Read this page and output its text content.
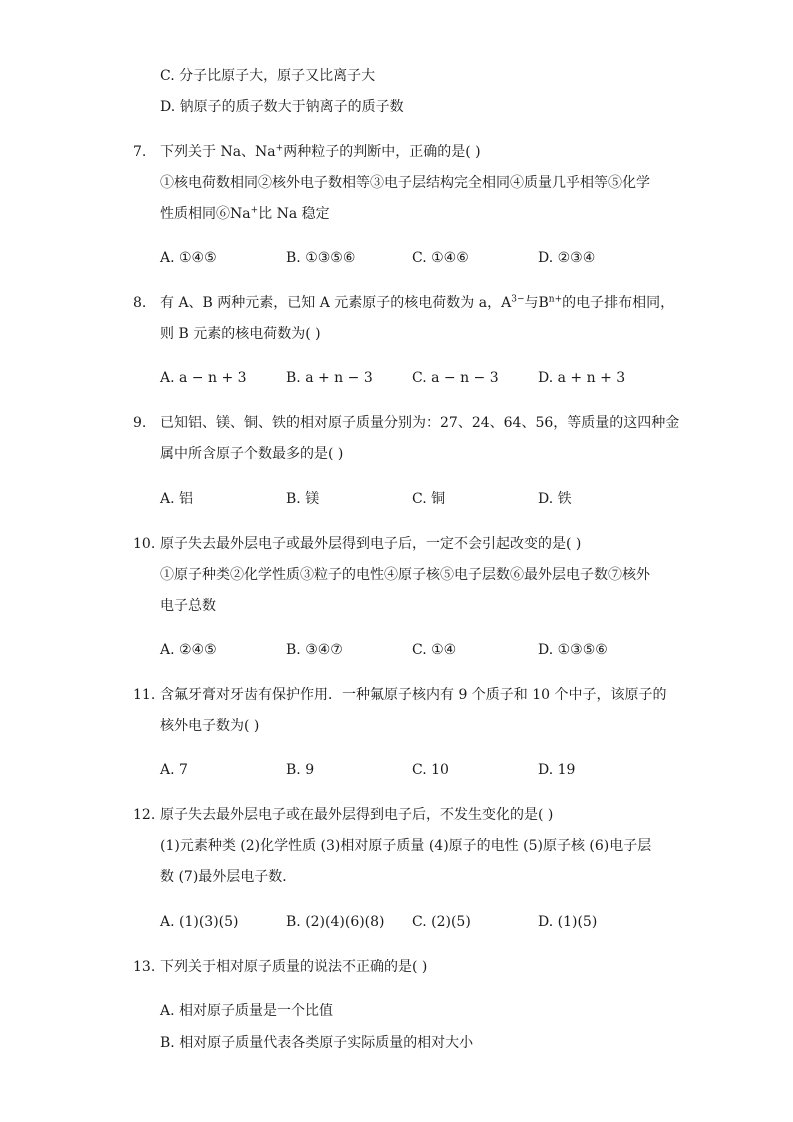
C. 分子比原子大，原子又比离子大
D. 钠原子的质子数大于钠离子的质子数
7. 下列关于 Na、Na+两种粒子的判断中，正确的是( )
①核电荷数相同②核外电子数相等③电子层结构完全相同④质量几乎相等⑤化学
性质相同⑥Na+比 Na 稳定
A. ①④⑤	B. ①③⑤⑥	C. ①④⑥	D. ②③④
8. 有 A、B 两种元素，已知 A 元素原子的核电荷数为 a，$A^{3-}$与$B^{n+}$的电子排布相同，
则 B 元素的核电荷数为( )
A. a − n + 3	B. a + n − 3	C. a − n − 3	D. a + n + 3
9. 已知铝、镁、铜、铁的相对原子质量分别为：27、24、64、56，等质量的这四种金
属中所含原子个数最多的是( )
A. 铝	B. 镁	C. 铜	D. 铁
10. 原子失去最外层电子或最外层得到电子后，一定不会引起改变的是( )
①原子种类②化学性质③粒子的电性④原子核⑤电子层数⑥最外层电子数⑦核外
电子总数
A. ②④⑤	B. ③④⑦	C. ①④	D. ①③⑤⑥
11. 含氟牙膏对牙齿有保护作用．一种氟原子核内有 9 个质子和 10 个中子，该原子的
核外电子数为( )
A. 7	B. 9	C. 10	D. 19
12. 原子失去最外层电子或在最外层得到电子后，不发生变化的是( )
(1)元素种类 (2)化学性质 (3)相对原子质量 (4)原子的电性 (5)原子核 (6)电子层
数 (7)最外层电子数．
A. (1)(3)(5)	B. (2)(4)(6)(8) C. (2)(5)	D. (1)(5)
13. 下列关于相对原子质量的说法不正确的是( )
A. 相对原子质量是一个比值
B. 相对原子质量代表各类原子实际质量的相对大小
